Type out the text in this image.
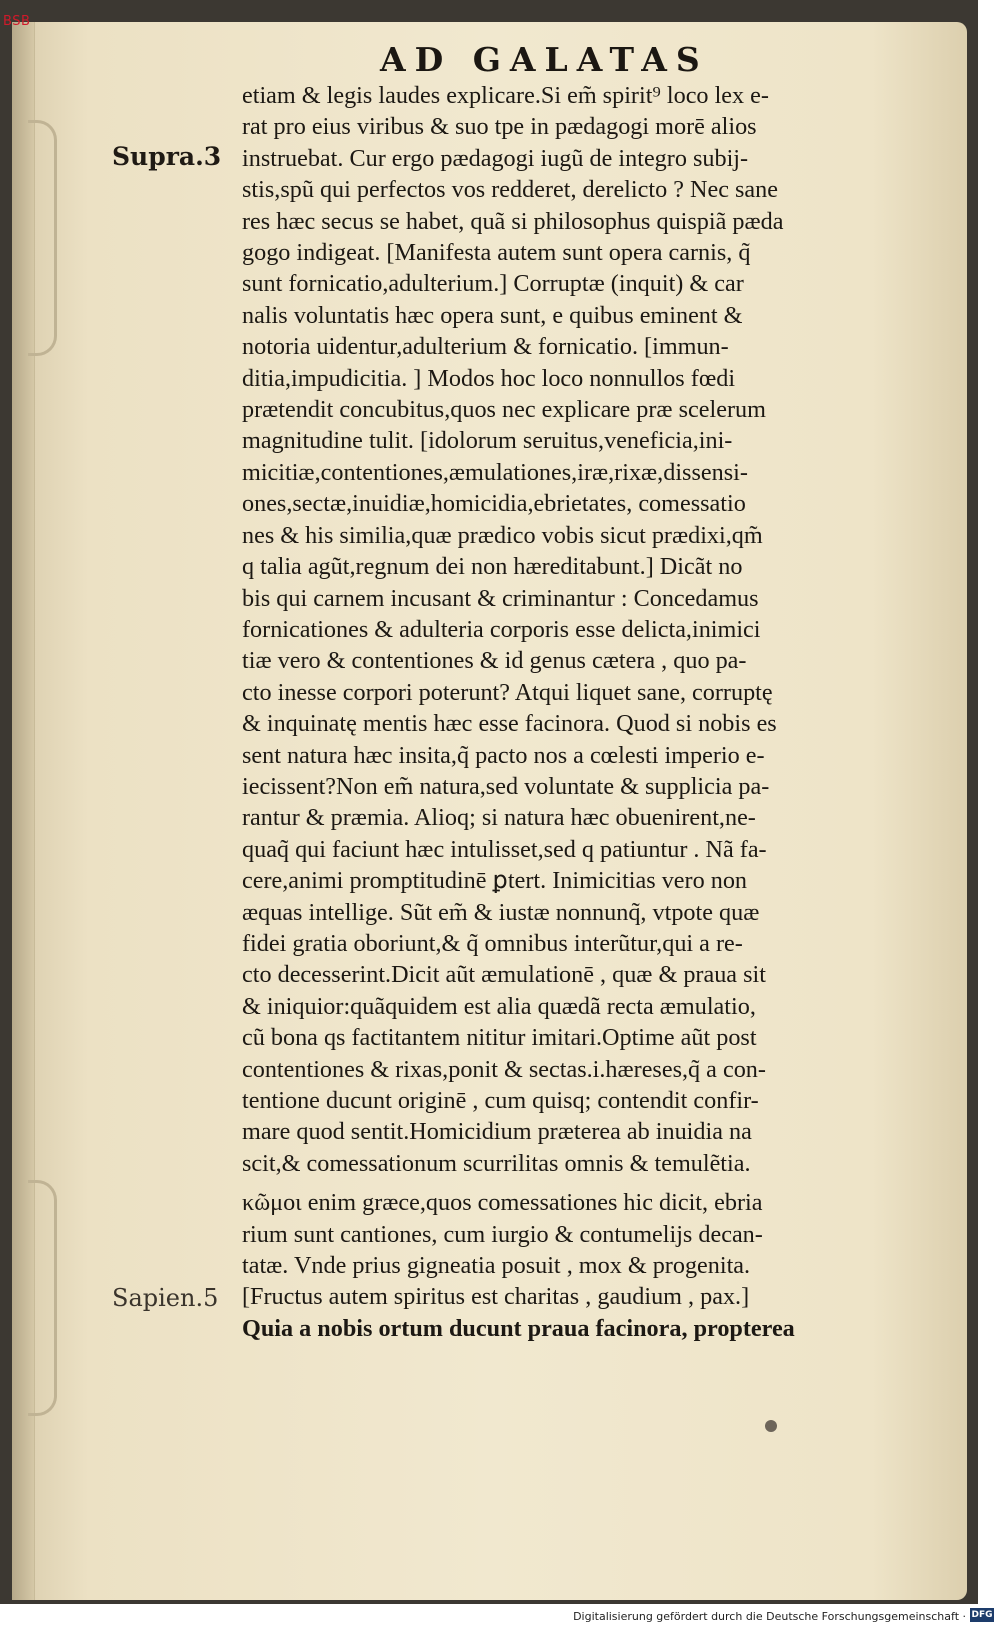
BSB
AD GALATAS
Supra.3
Sapien.5
etiam & legis laudes explicare.Si em̃ spirit⁹ loco lex e-
rat pro eius viribus & suo tpe in pædagogi morē alios
instruebat. Cur ergo pædagogi iugũ de integro subij-
stis,spũ qui perfectos vos redderet, derelicto ? Nec sane
res hæc secus se habet, quã si philosophus quispiã pæda
gogo indigeat. [Manifesta autem sunt opera carnis, q̃
sunt fornicatio,adulterium.] Corruptæ (inquit) & car
nalis voluntatis hæc opera sunt, e quibus eminent &
notoria uidentur,adulterium & fornicatio. [immun-
ditia,impudicitia. ] Modos hoc loco nonnullos fœdi
prætendit concubitus,quos nec explicare præ scelerum
magnitudine tulit. [idolorum seruitus,veneficia,ini-
micitiæ,contentiones,æmulationes,iræ,rixæ,dissensi-
ones,sectæ,inuidiæ,homicidia,ebrietates, comessatio
nes & his similia,quæ prædico vobis sicut prædixi,qm̃
q talia agũt,regnum dei non hæreditabunt.] Dicãt no
bis qui carnem incusant & criminantur : Concedamus
fornicationes & adulteria corporis esse delicta,inimici
tiæ vero & contentiones & id genus cætera , quo pa-
cto inesse corpori poterunt? Atqui liquet sane, corruptę
& inquinatę mentis hæc esse facinora. Quod si nobis es
sent natura hæc insita,q̃ pacto nos a cœlesti imperio e-
iecissent?Non em̃ natura,sed voluntate & supplicia pa-
rantur & præmia. Alioq; si natura hæc obuenirent,ne-
quaq̃ qui faciunt hæc intulisset,sed q patiuntur . Nã fa-
cere,animi promptitudinē ꝑtert. Inimicitias vero non
æquas intellige. Sũt em̃ & iustæ nonnunq̃, vtpote quæ
fidei gratia oboriunt,& q̃ omnibus interũtur,qui a re-
cto decesserint.Dicit aũt æmulationē , quæ & praua sit
& iniquior:quãquidem est alia quædã recta æmulatio,
cũ bona qs factitantem nititur imitari.Optime aũt post
contentiones & rixas,ponit & sectas.i.hæreses,q̃ a con-
tentione ducunt originē , cum quisq; contendit confir-
mare quod sentit.Homicidium præterea ab inuidia na
scit,& comessationum scurrilitas omnis & temulẽtia.
κῶμοι enim græce,quos comessationes hic dicit, ebria
rium sunt cantiones, cum iurgio & contumelijs decan-
tatæ. Vnde prius gigneatia posuit , mox & progenita.
[Fructus autem spiritus est charitas , gaudium , pax.]
Quia a nobis ortum ducunt praua facinora, propterea
Digitalisierung gefördert durch die Deutsche Forschungsgemeinschaft · DFG
